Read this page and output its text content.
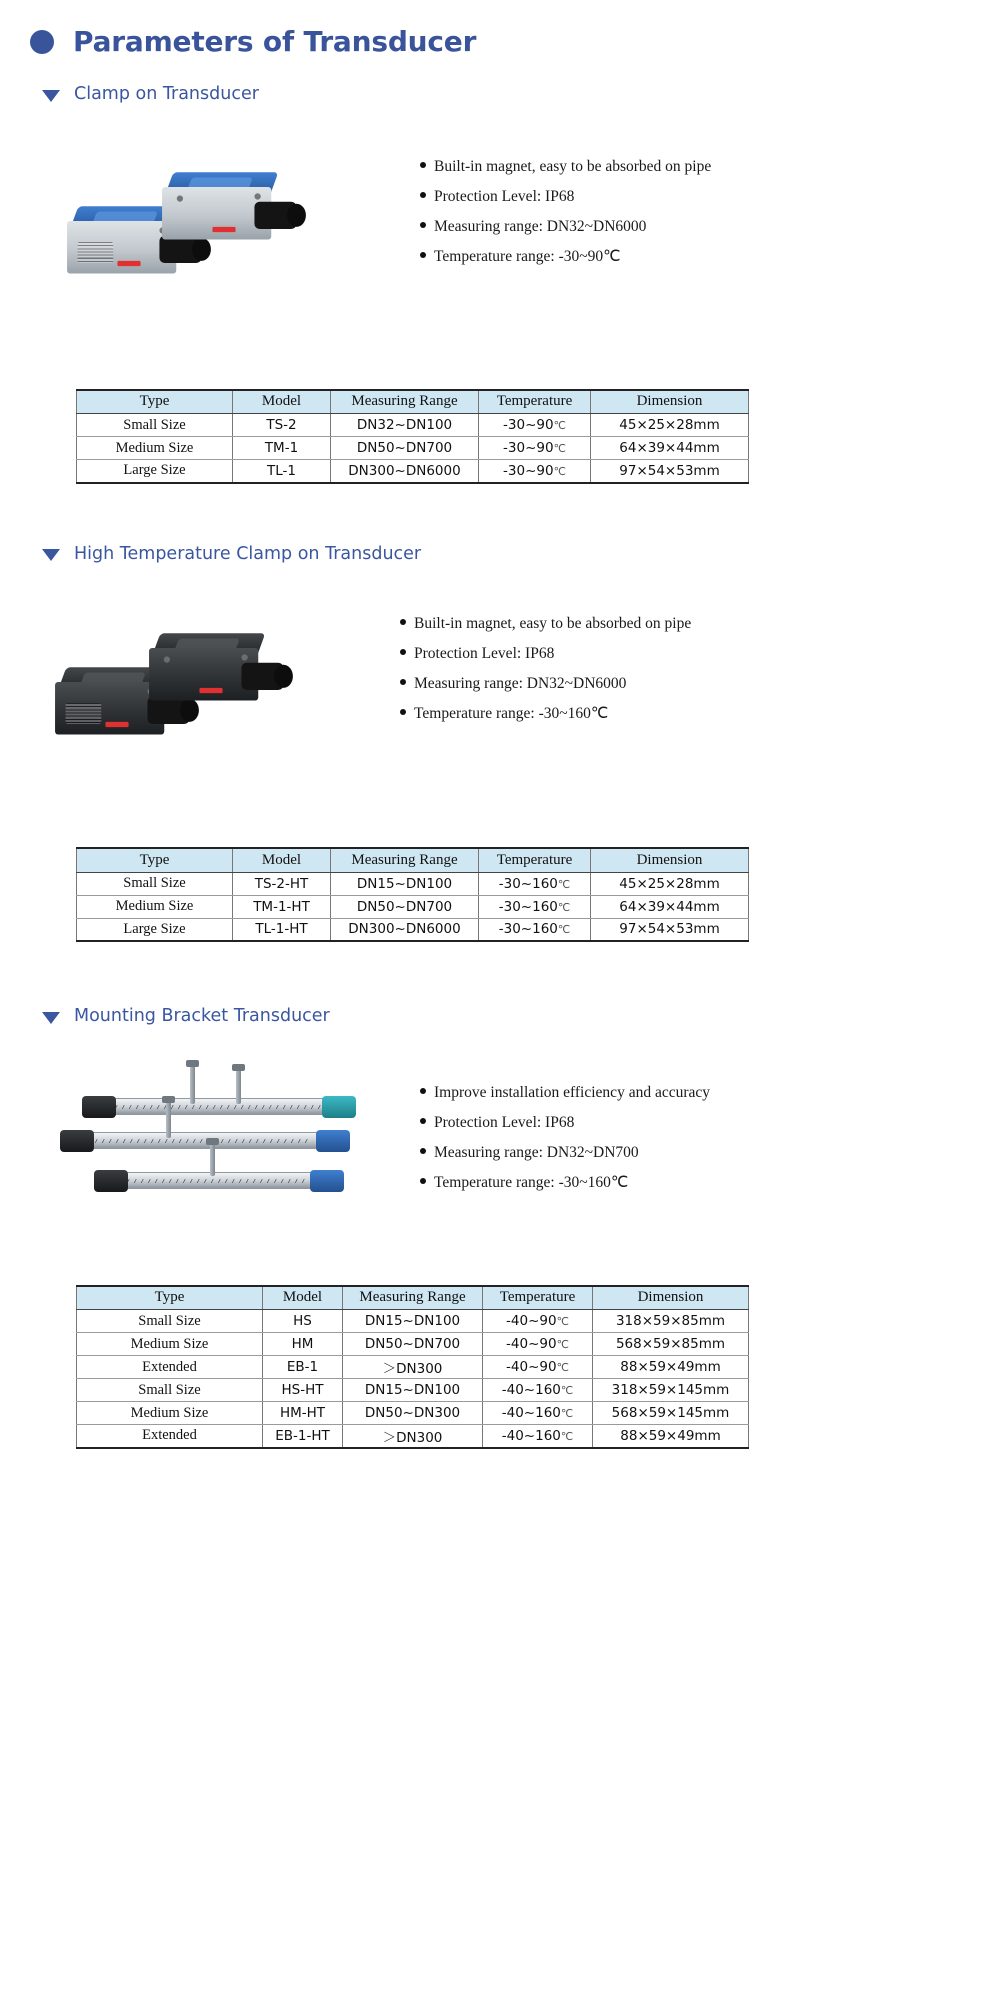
Parameters of Transducer
Clamp on Transducer
Built-in magnet, easy to be absorbed on pipe
Protection Level: IP68
Measuring range: DN32~DN6000
Temperature range: -30~90℃
Type	Model	Measuring Range	Temperature	Dimension
Small Size	TS-2	DN32~DN100	-30~90℃	45×25×28mm
Medium Size	TM-1	DN50~DN700	-30~90℃	64×39×44mm
Large Size	TL-1	DN300~DN6000	-30~90℃	97×54×53mm
High Temperature Clamp on Transducer
Built-in magnet, easy to be absorbed on pipe
Protection Level: IP68
Measuring range: DN32~DN6000
Temperature range: -30~160℃
Type	Model	Measuring Range	Temperature	Dimension
Small Size	TS-2-HT	DN15~DN100	-30~160℃	45×25×28mm
Medium Size	TM-1-HT	DN50~DN700	-30~160℃	64×39×44mm
Large Size	TL-1-HT	DN300~DN6000	-30~160℃	97×54×53mm
Mounting Bracket Transducer
Improve installation efficiency and accuracy
Protection Level: IP68
Measuring range: DN32~DN700
Temperature range: -30~160℃
Type	Model	Measuring Range	Temperature	Dimension
Small Size	HS	DN15~DN100	-40~90℃	318×59×85mm
Medium Size	HM	DN50~DN700	-40~90℃	568×59×85mm
Extended	EB-1	＞DN300	-40~90℃	88×59×49mm
Small Size	HS-HT	DN15~DN100	-40~160℃	318×59×145mm
Medium Size	HM-HT	DN50~DN300	-40~160℃	568×59×145mm
Extended	EB-1-HT	＞DN300	-40~160℃	88×59×49mm
